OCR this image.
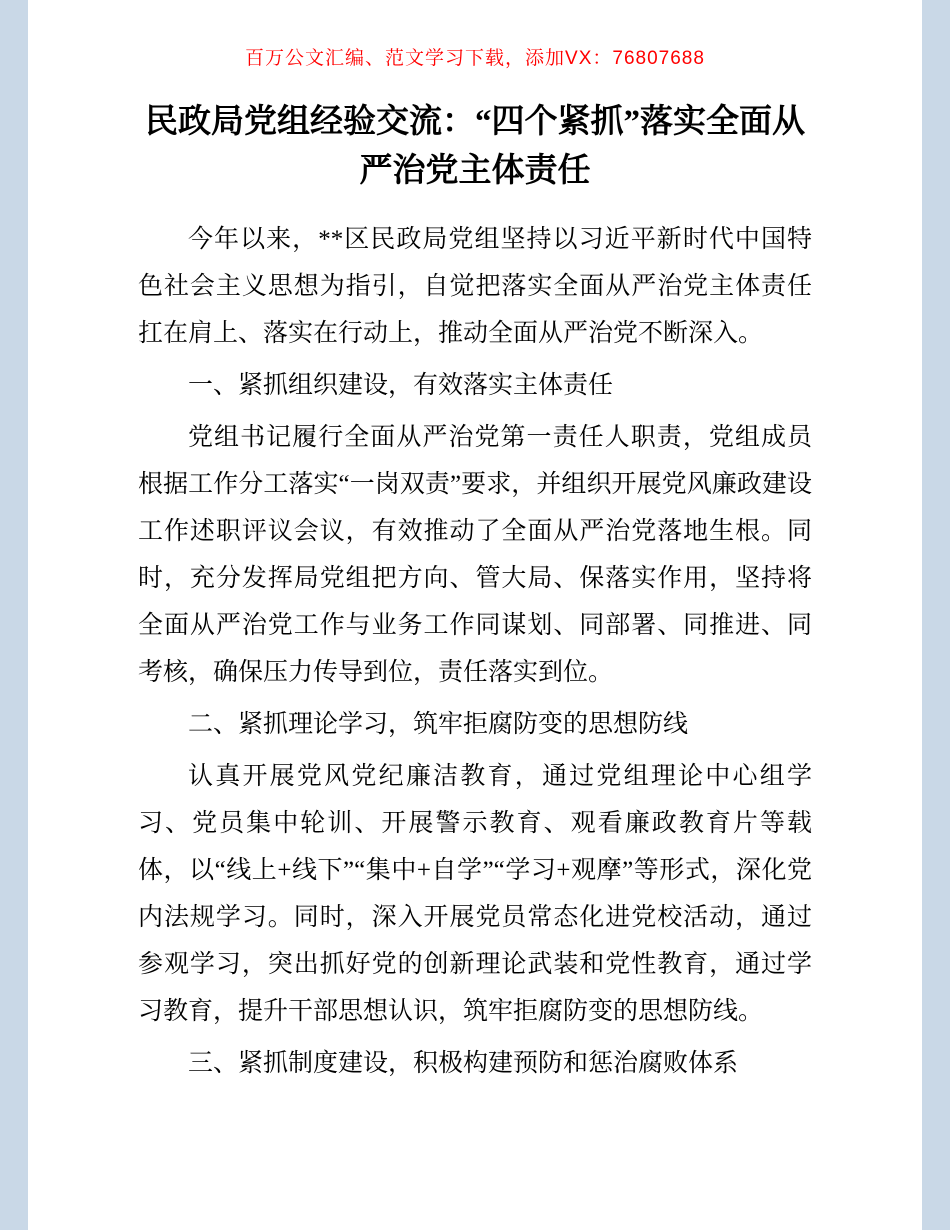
百万公文汇编、范文学习下载，添加VX：76807688
民政局党组经验交流：“四个紧抓”落实全面从严治党主体责任

今年以来，**区民政局党组坚持以习近平新时代中国特色社会主义思想为指引，自觉把落实全面从严治党主体责任扛在肩上、落实在行动上，推动全面从严治党不断深入。

一、紧抓组织建设，有效落实主体责任

党组书记履行全面从严治党第一责任人职责，党组成员根据工作分工落实“一岗双责”要求，并组织开展党风廉政建设工作述职评议会议，有效推动了全面从严治党落地生根。同时，充分发挥局党组把方向、管大局、保落实作用，坚持将全面从严治党工作与业务工作同谋划、同部署、同推进、同考核，确保压力传导到位，责任落实到位。

二、紧抓理论学习，筑牢拒腐防变的思想防线

认真开展党风党纪廉洁教育，通过党组理论中心组学习、党员集中轮训、开展警示教育、观看廉政教育片等载体，以“线上+线下”“集中+自学”“学习+观摩”等形式，深化党内法规学习。同时，深入开展党员常态化进党校活动，通过参观学习，突出抓好党的创新理论武装和党性教育，通过学习教育，提升干部思想认识，筑牢拒腐防变的思想防线。

三、紧抓制度建设，积极构建预防和惩治腐败体系
